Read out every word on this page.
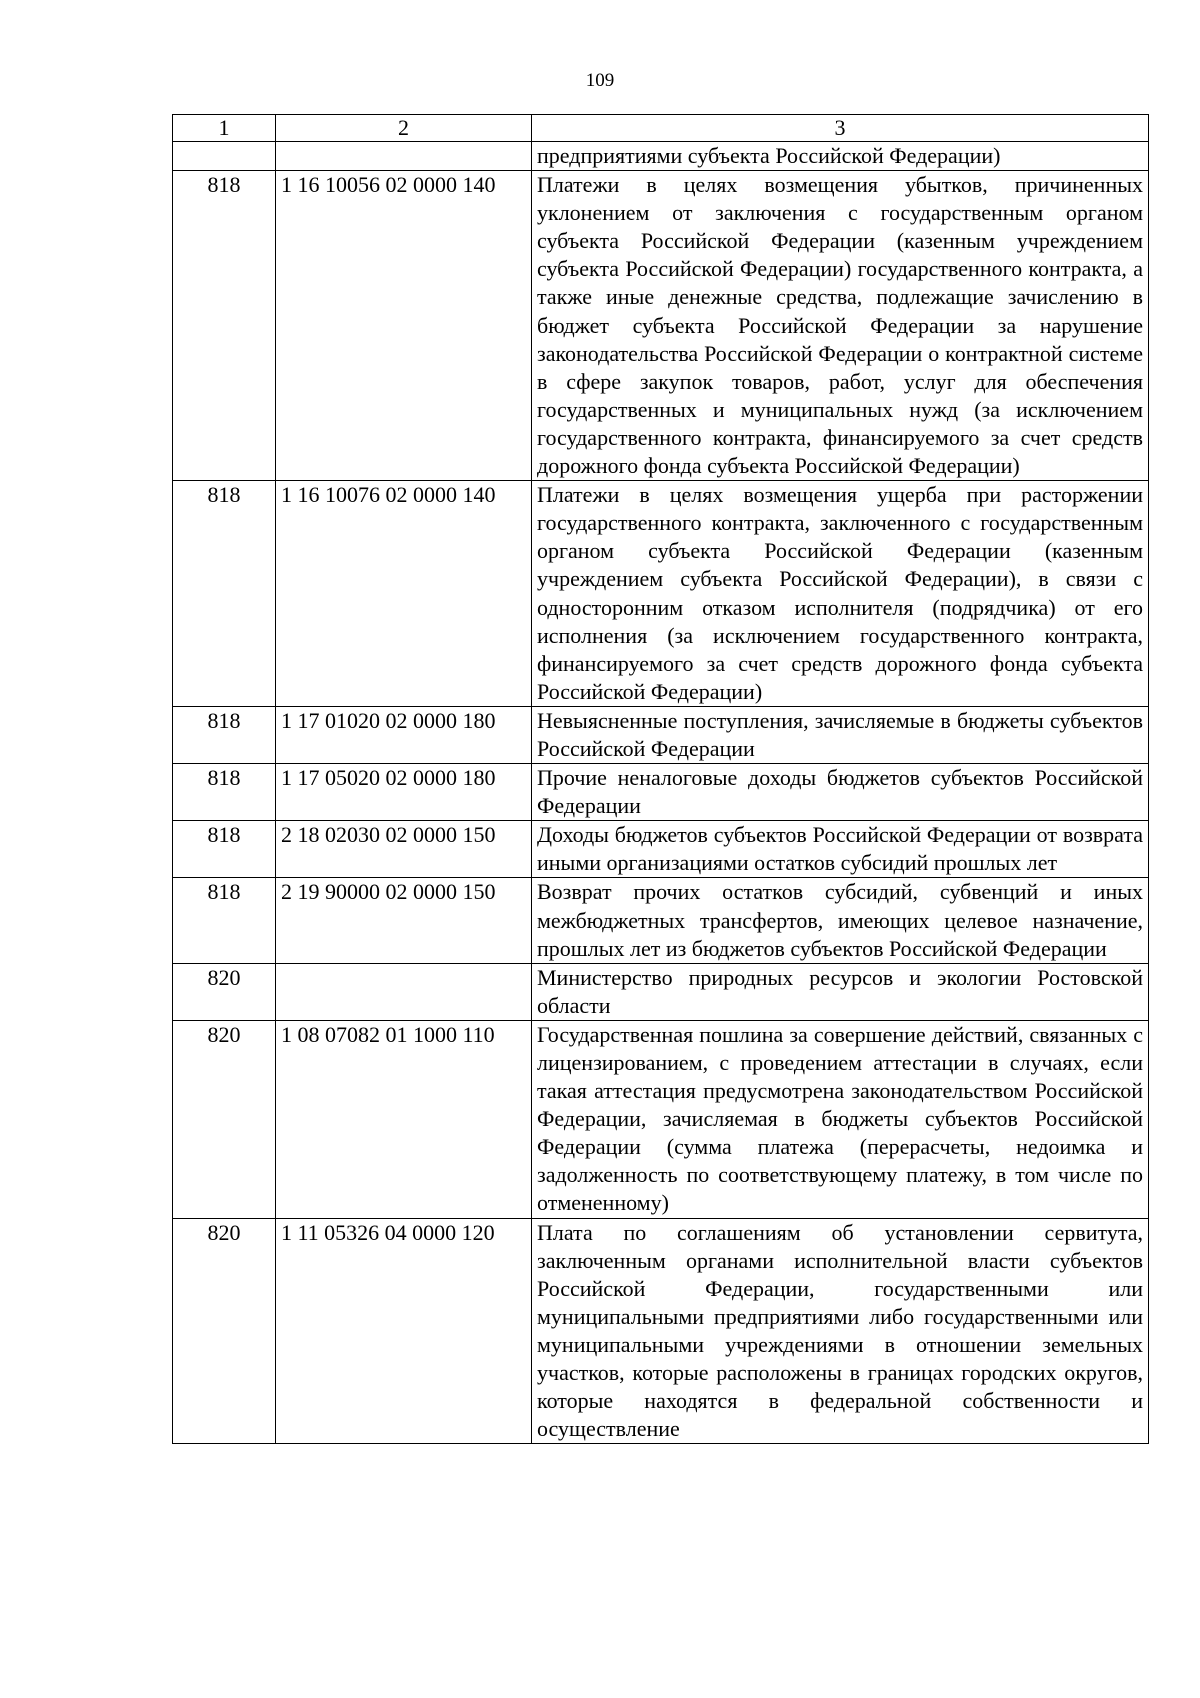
109
1	2	3
		предприятиями субъекта Российской Федерации)
818	1 16 10056 02 0000 140	Платежи в целях возмещения убытков, причиненных уклонением от заключения с государственным органом субъекта Российской Федерации (казенным учреждением субъекта Российской Федерации) государственного контракта, а также иные денежные средства, подлежащие зачислению в бюджет субъекта Российской Федерации за нарушение законодательства Российской Федерации о контрактной системе в сфере закупок товаров, работ, услуг для обеспечения государственных и муниципальных нужд (за исключением государственного контракта, финансируемого за счет средств дорожного фонда субъекта Российской Федерации)
818	1 16 10076 02 0000 140	Платежи в целях возмещения ущерба при расторжении государственного контракта, заключенного с государственным органом субъекта Российской Федерации (казенным учреждением субъекта Российской Федерации), в связи с односторонним отказом исполнителя (подрядчика) от его исполнения (за исключением государственного контракта, финансируемого за счет средств дорожного фонда субъекта Российской Федерации)
818	1 17 01020 02 0000 180	Невыясненные поступления, зачисляемые в бюджеты субъектов Российской Федерации
818	1 17 05020 02 0000 180	Прочие неналоговые доходы бюджетов субъектов Российской Федерации
818	2 18 02030 02 0000 150	Доходы бюджетов субъектов Российской Федерации от возврата иными организациями остатков субсидий прошлых лет
818	2 19 90000 02 0000 150	Возврат прочих остатков субсидий, субвенций и иных межбюджетных трансфертов, имеющих целевое назначение, прошлых лет из бюджетов субъектов Российской Федерации
820		Министерство природных ресурсов и экологии Ростовской области
820	1 08 07082 01 1000 110	Государственная пошлина за совершение действий, связанных с лицензированием, с проведением аттестации в случаях, если такая аттестация предусмотрена законодательством Российской Федерации, зачисляемая в бюджеты субъектов Российской Федерации (сумма платежа (перерасчеты, недоимка и задолженность по соответствующему платежу, в том числе по отмененному)
820	1 11 05326 04 0000 120	Плата по соглашениям об установлении сервитута, заключенным органами исполнительной власти субъектов Российской Федерации, государственными или муниципальными предприятиями либо государственными или муниципальными учреждениями в отношении земельных участков, которые расположены в границах городских округов, которые находятся в федеральной собственности и осуществление
